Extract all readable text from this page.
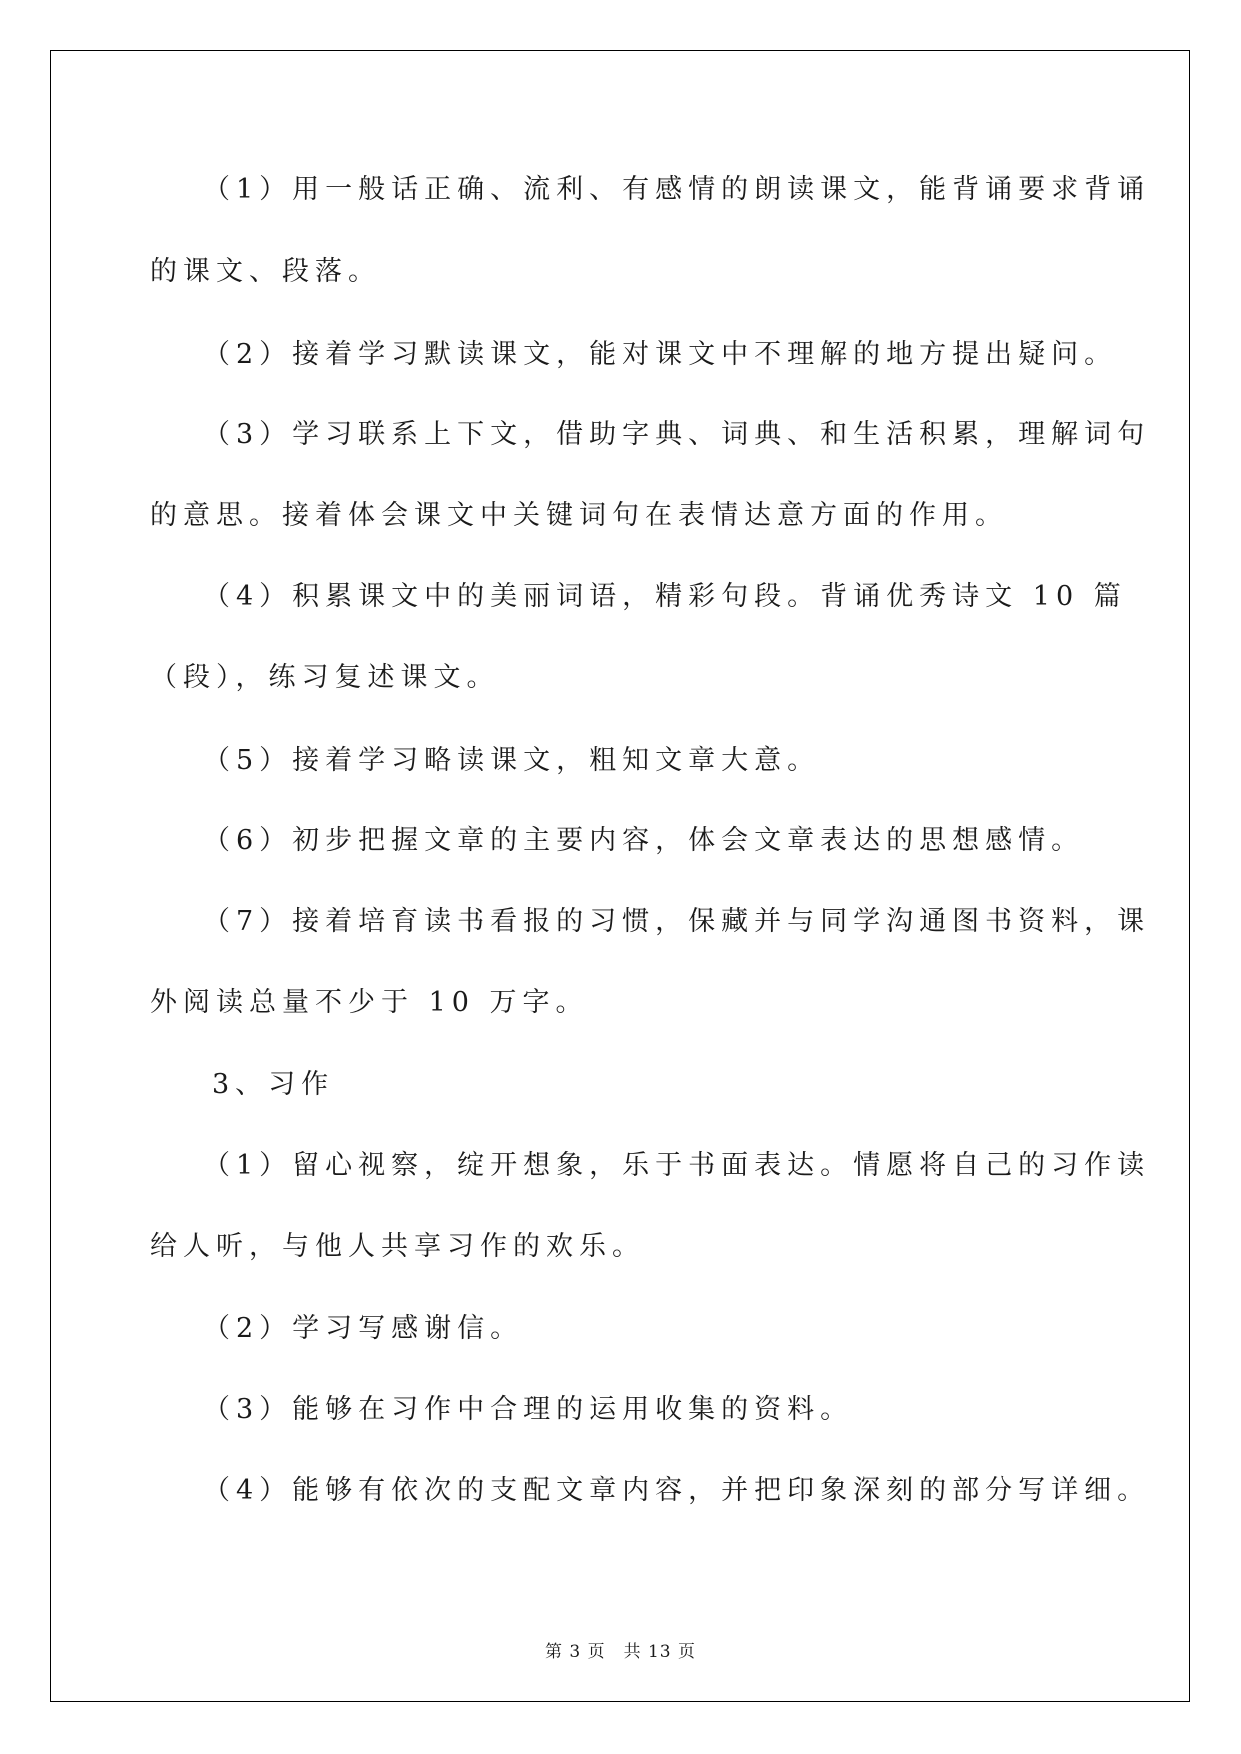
（1）用一般话正确、流利、有感情的朗读课文，能背诵要求背诵
的课文、段落。
（2）接着学习默读课文，能对课文中不理解的地方提出疑问。
（3）学习联系上下文，借助字典、词典、和生活积累，理解词句
的意思。接着体会课文中关键词句在表情达意方面的作用。
（4）积累课文中的美丽词语，精彩句段。背诵优秀诗文 10 篇
（段），练习复述课文。
（5）接着学习略读课文，粗知文章大意。
（6）初步把握文章的主要内容，体会文章表达的思想感情。
（7）接着培育读书看报的习惯，保藏并与同学沟通图书资料，课
外阅读总量不少于 10 万字。
3、习作
（1）留心视察，绽开想象，乐于书面表达。情愿将自己的习作读
给人听，与他人共享习作的欢乐。
（2）学习写感谢信。
（3）能够在习作中合理的运用收集的资料。
（4）能够有依次的支配文章内容，并把印象深刻的部分写详细。
第 3 页　共 13 页
